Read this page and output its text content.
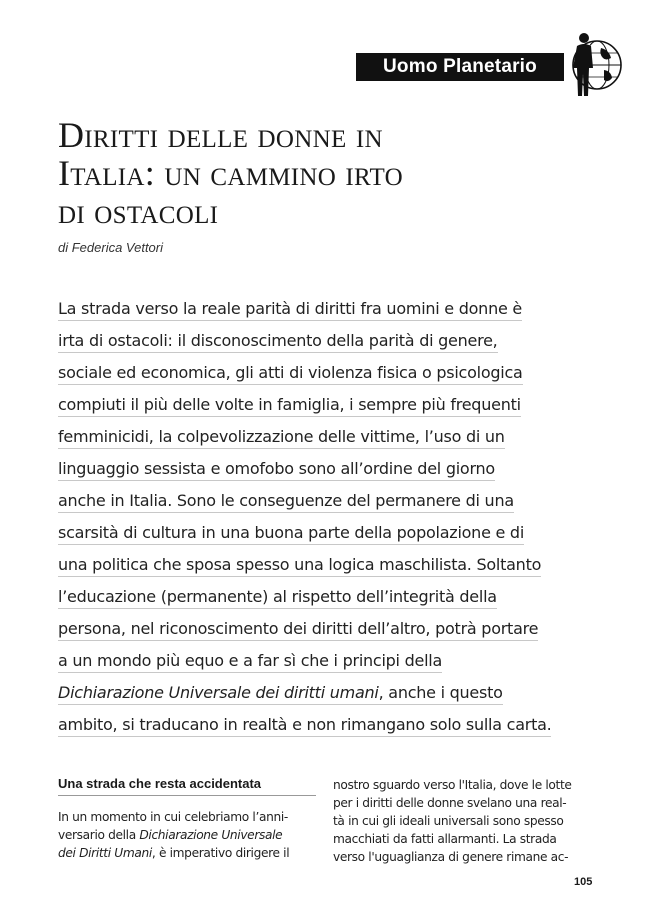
Uomo Planetario
Diritti delle donne in
Italia: un cammino irto
di ostacoli
di Federica Vettori
La strada verso la reale parità di diritti fra uomini e donne è
irta di ostacoli: il disconoscimento della parità di genere,
sociale ed economica, gli atti di violenza fisica o psicologica
compiuti il più delle volte in famiglia, i sempre più frequenti
femminicidi, la colpevolizzazione delle vittime, l’uso di un
linguaggio sessista e omofobo sono all’ordine del giorno
anche in Italia. Sono le conseguenze del permanere di una
scarsità di cultura in una buona parte della popolazione e di
una politica che sposa spesso una logica maschilista. Soltanto
l’educazione (permanente) al rispetto dell’integrità della
persona, nel riconoscimento dei diritti dell’altro, potrà portare
a un mondo più equo e a far sì che i principi della
Dichiarazione Universale dei diritti umani, anche i questo
ambito, si traducano in realtà e non rimangano solo sulla carta.
Una strada che resta accidentata
In un momento in cui celebriamo l’anni-
versario della Dichiarazione Universale
dei Diritti Umani, è imperativo dirigere il
nostro sguardo verso l'Italia, dove le lotte
per i diritti delle donne svelano una real-
tà in cui gli ideali universali sono spesso
macchiati da fatti allarmanti. La strada
verso l'uguaglianza di genere rimane ac-
105
